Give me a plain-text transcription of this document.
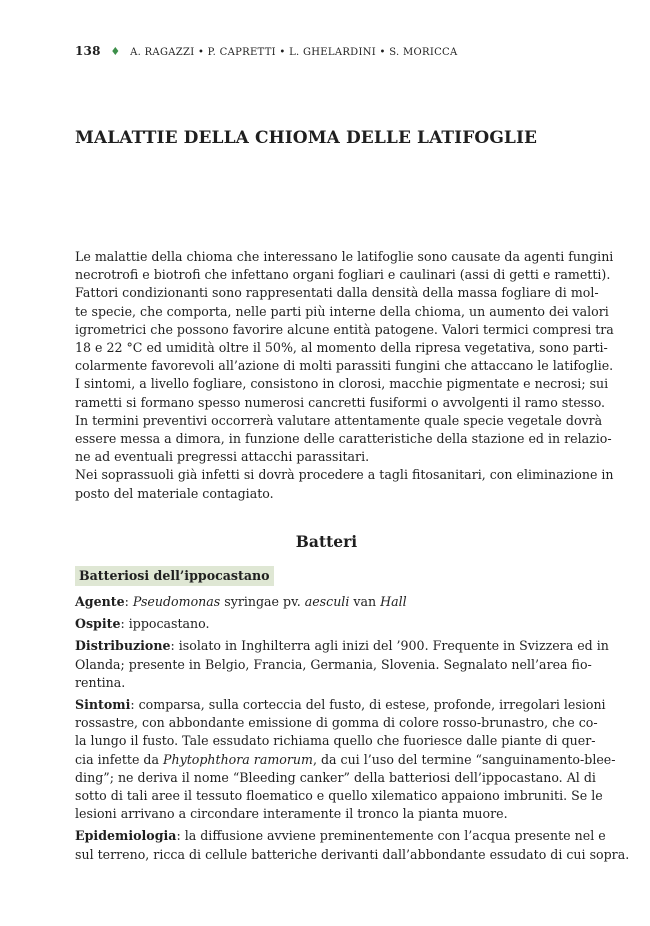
138 ♦ A. RAGAZZI • P. CAPRETTI • L. GHELARDINI • S. MORICCA
MALATTIE DELLA CHIOMA DELLE LATIFOGLIE
Le malattie della chioma che interessano le latifoglie sono causate da agenti fungini
necrotrofi e biotrofi che infettano organi fogliari e caulinari (assi di getti e rametti).
Fattori condizionanti sono rappresentati dalla densità della massa fogliare di mol-
te specie, che comporta, nelle parti più interne della chioma, un aumento dei valori
igrometrici che possono favorire alcune entità patogene. Valori termici compresi tra
18 e 22 °C ed umidità oltre il 50%, al momento della ripresa vegetativa, sono parti-
colarmente favorevoli all’azione di molti parassiti fungini che attaccano le latifoglie.
I sintomi, a livello fogliare, consistono in clorosi, macchie pigmentate e necrosi; sui
rametti si formano spesso numerosi cancretti fusiformi o avvolgenti il ramo stesso.
In termini preventivi occorrerà valutare attentamente quale specie vegetale dovrà
essere messa a dimora, in funzione delle caratteristiche della stazione ed in relazio-
ne ad eventuali pregressi attacchi parassitari.
Nei soprassuoli già infetti si dovrà procedere a tagli fitosanitari, con eliminazione in
posto del materiale contagiato.
Batteri
Batteriosi dell’ippocastano
Agente: Pseudomonas syringae pv. aesculi van Hall
Ospite: ippocastano.
Distribuzione: isolato in Inghilterra agli inizi del ’900. Frequente in Svizzera ed in
Olanda; presente in Belgio, Francia, Germania, Slovenia. Segnalato nell’area fio-
rentina.
Sintomi: comparsa, sulla corteccia del fusto, di estese, profonde, irregolari lesioni
rossastre, con abbondante emissione di gomma di colore rosso-brunastro, che co-
la lungo il fusto. Tale essudato richiama quello che fuoriesce dalle piante di quer-
cia infette da Phytophthora ramorum, da cui l’uso del termine “sanguinamento-blee-
ding”; ne deriva il nome “Bleeding canker” della batteriosi dell’ippocastano. Al di
sotto di tali aree il tessuto floematico e quello xilematico appaiono imbruniti. Se le
lesioni arrivano a circondare interamente il tronco la pianta muore.
Epidemiologia: la diffusione avviene preminentemente con l’acqua presente nel e
sul terreno, ricca di cellule batteriche derivanti dall’abbondante essudato di cui sopra.
